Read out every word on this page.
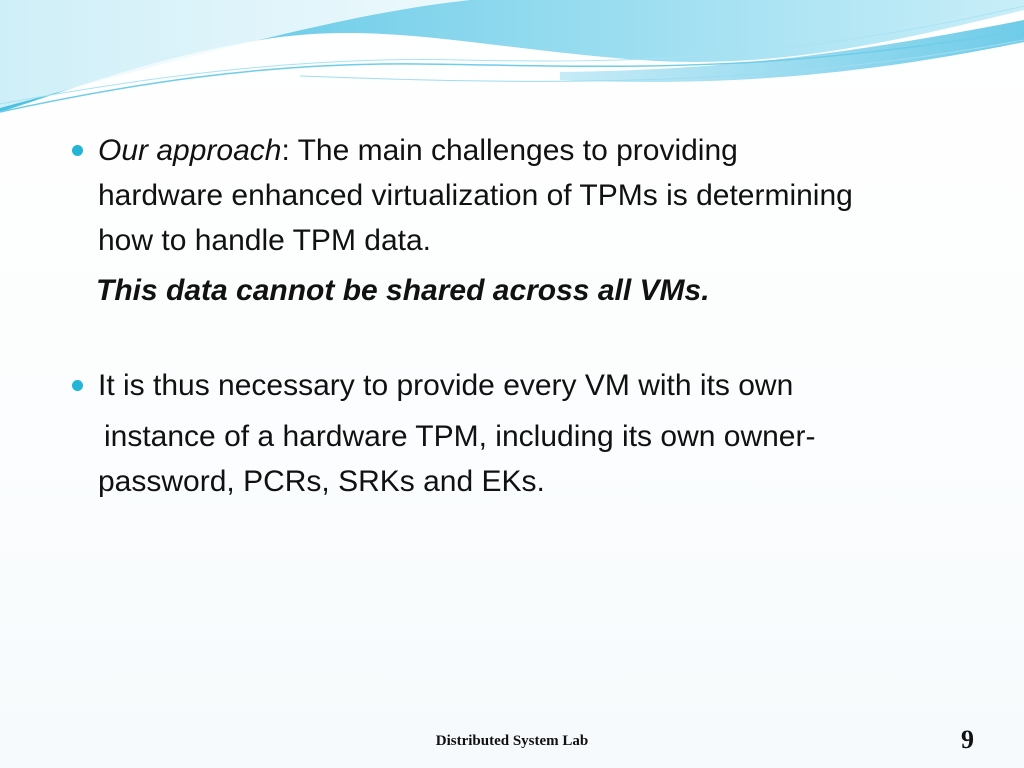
Our approach: The main challenges to providing
hardware enhanced virtualization of TPMs is determining
how to handle TPM data.
This data cannot be shared across all VMs.
It is thus necessary to provide every VM with its own
instance of a hardware TPM, including its own owner-
password, PCRs, SRKs and EKs.
Distributed System Lab	9
